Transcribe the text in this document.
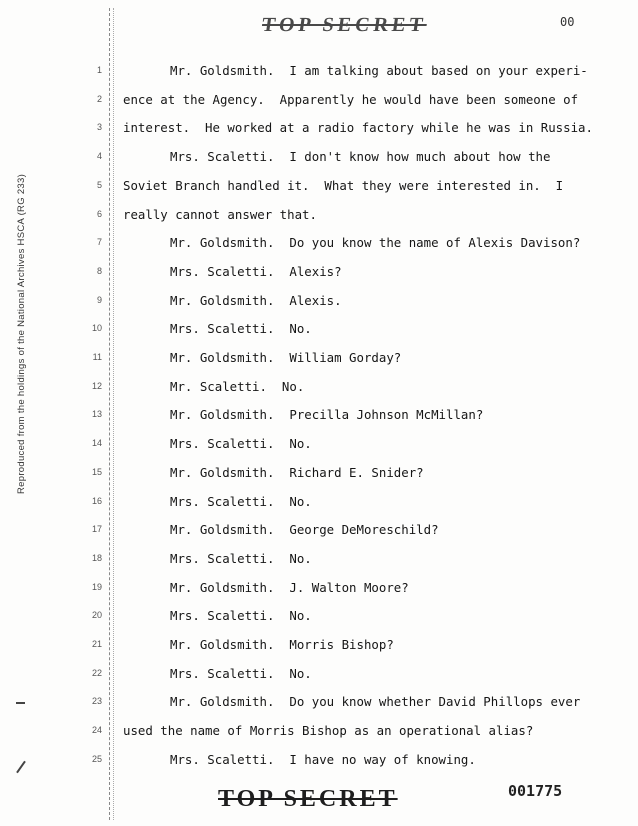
TOP SECRET	00
Reproduced from the holdings of the National Archives HSCA (RG 233)
1	Mr. Goldsmith.  I am talking about based on your experi-
2 ence at the Agency.  Apparently he would have been someone of
3 interest.  He worked at a radio factory while he was in Russia.
4	Mrs. Scaletti.  I don't know how much about how the
5 Soviet Branch handled it.  What they were interested in.  I
6 really cannot answer that.
7	Mr. Goldsmith.  Do you know the name of Alexis Davison?
8	Mrs. Scaletti.  Alexis?
9	Mr. Goldsmith.  Alexis.
10	Mrs. Scaletti.  No.
11	Mr. Goldsmith.  William Gorday?
12	Mr. Scaletti.  No.
13	Mr. Goldsmith.  Precilla Johnson McMillan?
14	Mrs. Scaletti.  No.
15	Mr. Goldsmith.  Richard E. Snider?
16	Mrs. Scaletti.  No.
17	Mr. Goldsmith.  George DeMoreschild?
18	Mrs. Scaletti.  No.
19	Mr. Goldsmith.  J. Walton Moore?
20	Mrs. Scaletti.  No.
21	Mr. Goldsmith.  Morris Bishop?
22	Mrs. Scaletti.  No.
23	Mr. Goldsmith.  Do you know whether David Phillops ever
24 used the name of Morris Bishop as an operational alias?
25	Mrs. Scaletti.  I have no way of knowing.
TOP SECRET	001775
